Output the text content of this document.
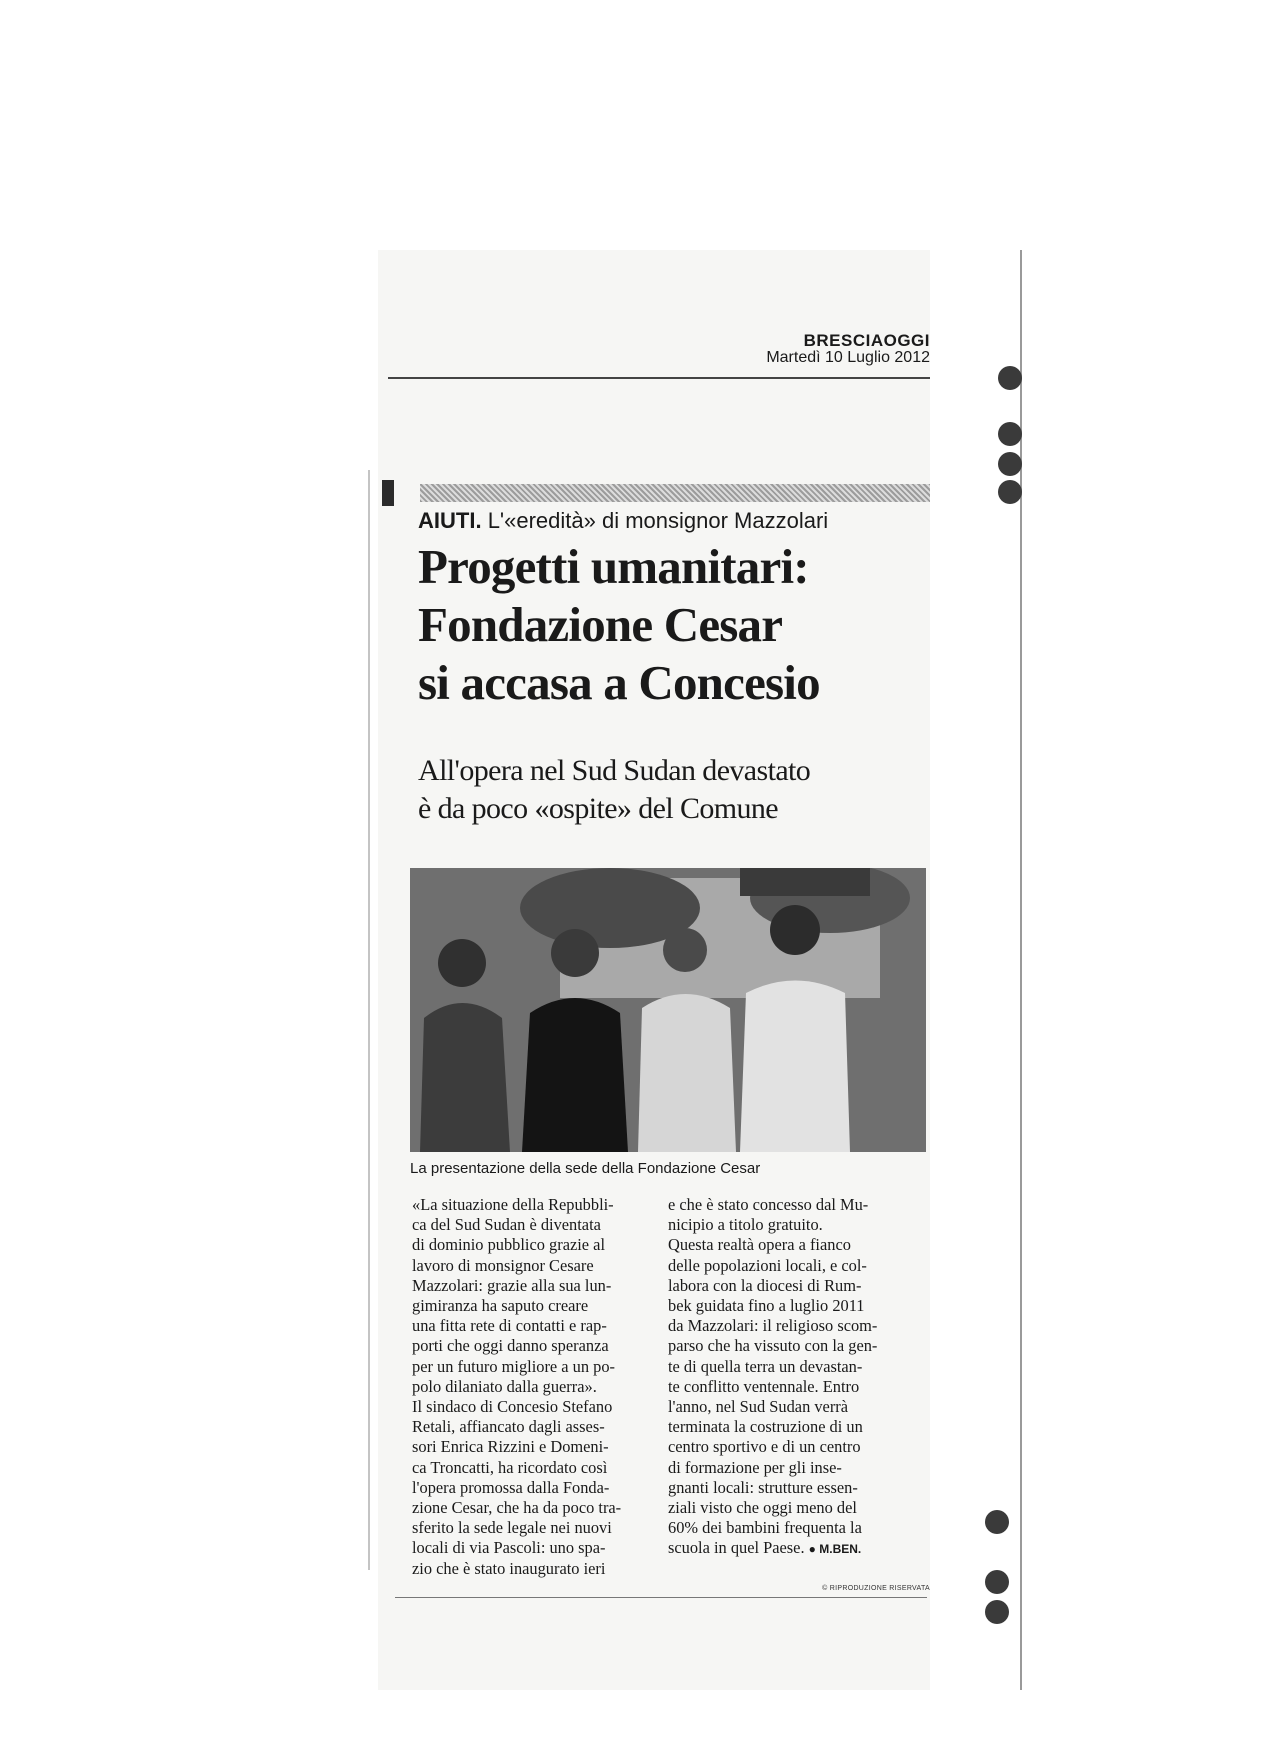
BRESCIAOGGI
Martedì 10 Luglio 2012
AIUTI. L'«eredità» di monsignor Mazzolari
Progetti umanitari:
Fondazione Cesar
si accasa a Concesio
All'opera nel Sud Sudan devastato
è da poco «ospite» del Comune
La presentazione della sede della Fondazione Cesar
«La situazione della Repubbli-
ca del Sud Sudan è diventata
di dominio pubblico grazie al
lavoro di monsignor Cesare
Mazzolari: grazie alla sua lun-
gimiranza ha saputo creare
una fitta rete di contatti e rap-
porti che oggi danno speranza
per un futuro migliore a un po-
polo dilaniato dalla guerra».
Il sindaco di Concesio Stefano
Retali, affiancato dagli asses-
sori Enrica Rizzini e Domeni-
ca Troncatti, ha ricordato così
l'opera promossa dalla Fonda-
zione Cesar, che ha da poco tra-
sferito la sede legale nei nuovi
locali di via Pascoli: uno spa-
zio che è stato inaugurato ieri
e che è stato concesso dal Mu-
nicipio a titolo gratuito.
Questa realtà opera a fianco
delle popolazioni locali, e col-
labora con la diocesi di Rum-
bek guidata fino a luglio 2011
da Mazzolari: il religioso scom-
parso che ha vissuto con la gen-
te di quella terra un devastan-
te conflitto ventennale. Entro
l'anno, nel Sud Sudan verrà
terminata la costruzione di un
centro sportivo e di un centro
di formazione per gli inse-
gnanti locali: strutture essen-
ziali visto che oggi meno del
60% dei bambini frequenta la
scuola in quel Paese. ● M.BEN.
© RIPRODUZIONE RISERVATA
